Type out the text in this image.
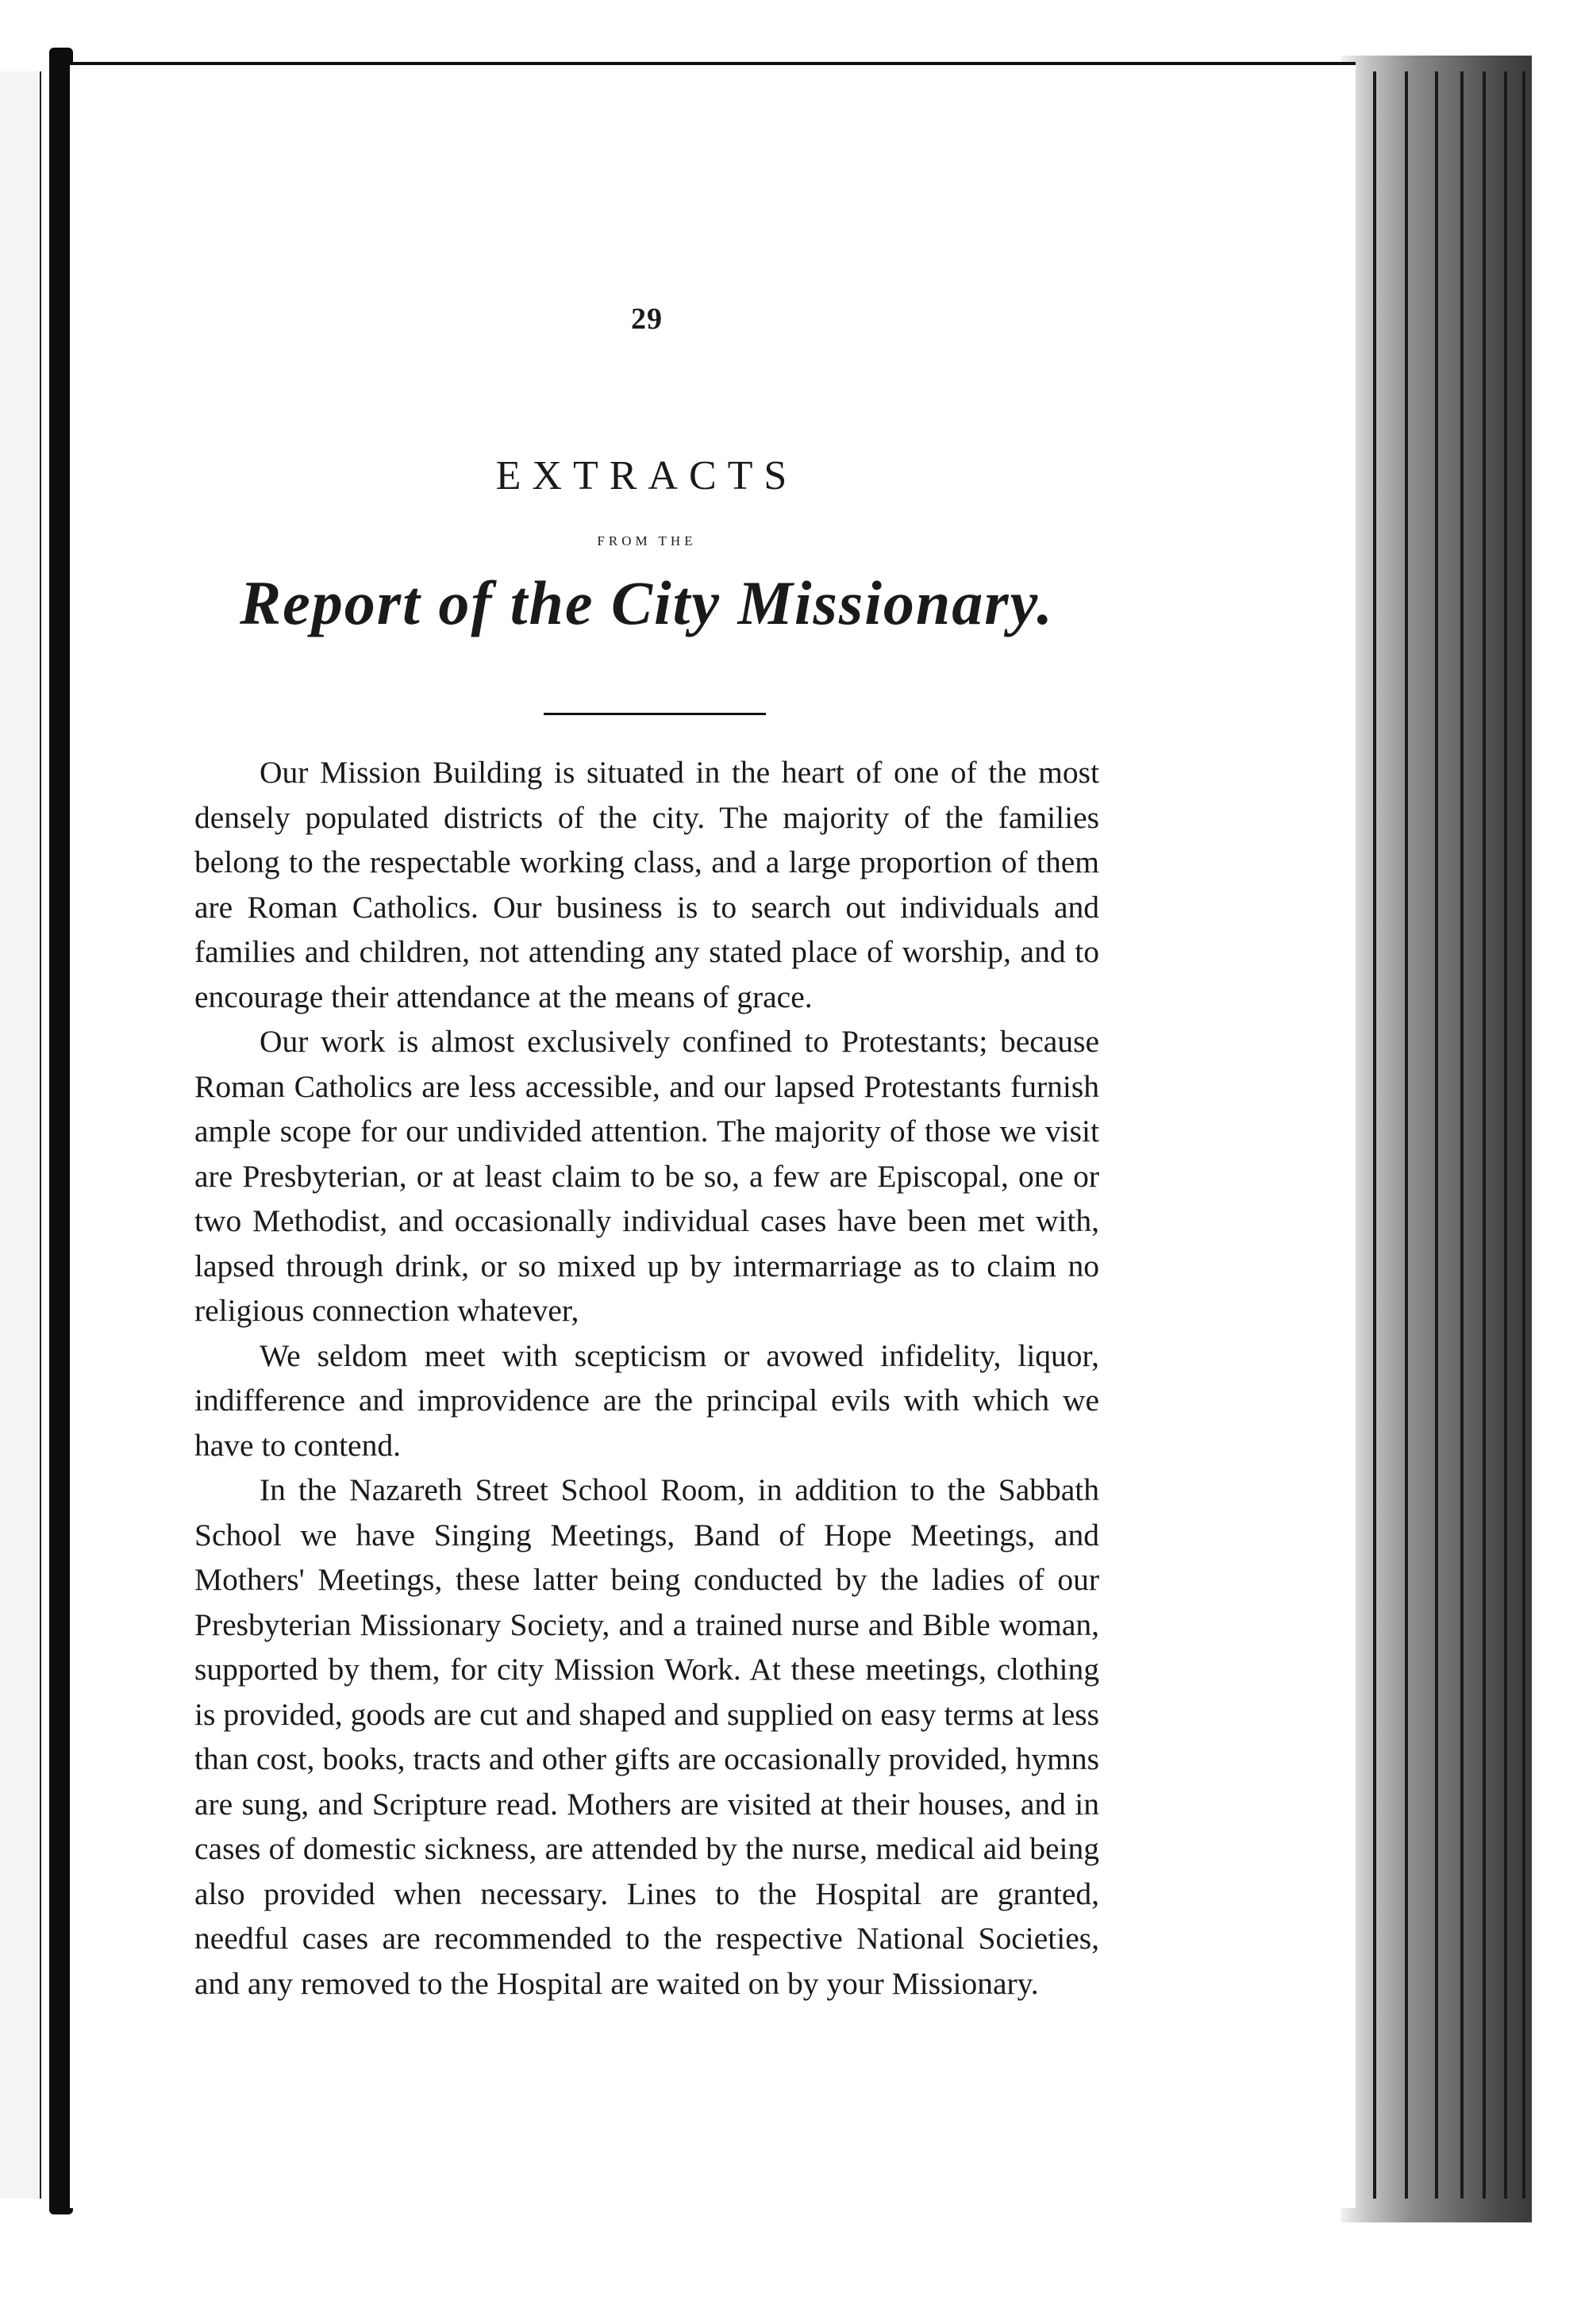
29
EXTRACTS
FROM THE
Report of the City Missionary.

Our Mission Building is situated in the heart of one of the most densely populated districts of the city. The majority of the families belong to the respectable working class, and a large proportion of them are Roman Catholics. Our business is to search out individuals and families and children, not attending any stated place of worship, and to encourage their attendance at the means of grace.

Our work is almost exclusively confined to Protestants; because Roman Catholics are less accessible, and our lapsed Protestants furnish ample scope for our undivided attention. The majority of those we visit are Presbyterian, or at least claim to be so, a few are Episcopal, one or two Methodist, and occasionally individual cases have been met with, lapsed through drink, or so mixed up by intermarriage as to claim no religious connection whatever,

We seldom meet with scepticism or avowed infidelity, liquor, indifference and improvidence are the principal evils with which we have to contend.

In the Nazareth Street School Room, in addition to the Sabbath School we have Singing Meetings, Band of Hope Meetings, and Mothers' Meetings, these latter being conducted by the ladies of our Presbyterian Missionary Society, and a trained nurse and Bible woman, supported by them, for city Mission Work. At these meetings, clothing is provided, goods are cut and shaped and supplied on easy terms at less than cost, books, tracts and other gifts are occasionally provided, hymns are sung, and Scripture read. Mothers are visited at their houses, and in cases of domestic sickness, are attended by the nurse, medical aid being also provided when necessary. Lines to the Hospital are granted, needful cases are recommended to the respective National Societies, and any removed to the Hospital are waited on by your Missionary.
